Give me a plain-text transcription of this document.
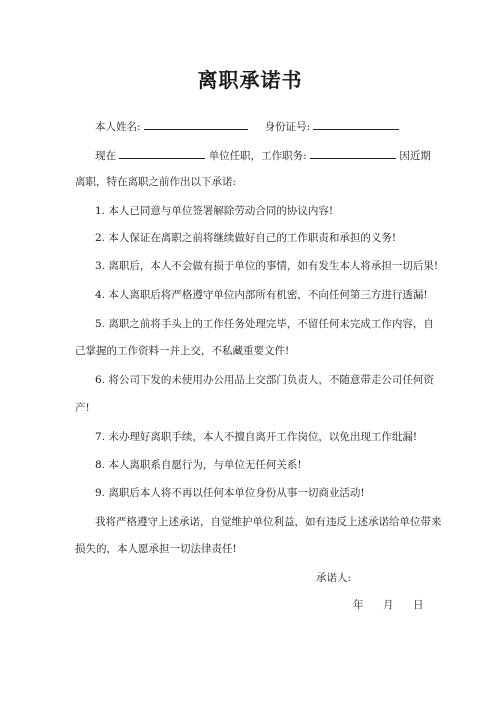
离职承诺书
本人姓名:	身份证号:
现在	单位任职，工作职务:	因近期
离职，特在离职之前作出以下承诺:
1. 本人已同意与单位签署解除劳动合同的协议内容!
2. 本人保证在离职之前将继续做好自己的工作职责和承担的义务!
3. 离职后，本人不会做有损于单位的事情，如有发生本人将承担一切后果!
4. 本人离职后将严格遵守单位内部所有机密，不向任何第三方进行透漏!
5. 离职之前将手头上的工作任务处理完毕，不留任何未完成工作内容，自
己掌握的工作资料一并上交，不私藏重要文件!
6. 将公司下发的未使用办公用品上交部门负责人，不随意带走公司任何资
产!
7. 未办理好离职手续，本人不擅自离开工作岗位，以免出现工作纰漏!
8. 本人离职系自愿行为，与单位无任何关系!
9. 离职后本人将不再以任何本单位身份从事一切商业活动!
我将严格遵守上述承诺，自觉维护单位利益，如有违反上述承诺给单位带来
损失的，本人愿承担一切法律责任!
承诺人:
年 月 日
